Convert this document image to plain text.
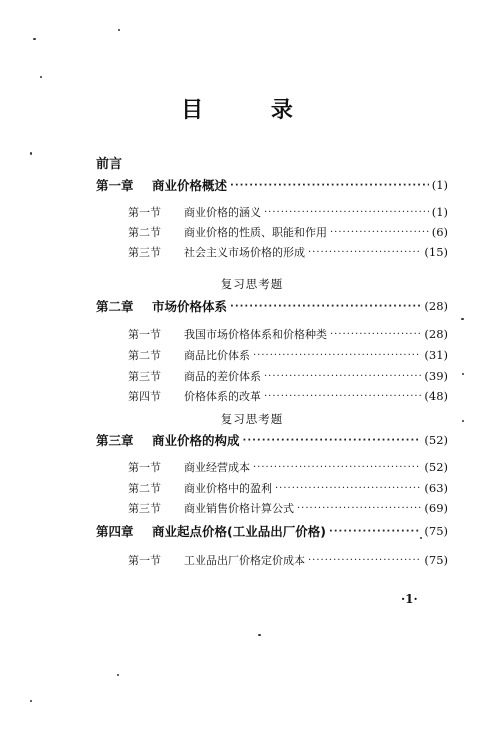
目 录
前言
第一章	商业价格概述 ·····	(1)
第一节	商业价格的涵义 ·····	(1)
第二节	商业价格的性质、职能和作用 ·····	(6)
第三节	社会主义市场价格的形成 ·····	(15)
复习思考题
第二章	市场价格体系 ·····	(28)
第一节	我国市场价格体系和价格种类 ·····	(28)
第二节	商品比价体系 ·····	(31)
第三节	商品的差价体系 ·····	(39)
第四节	价格体系的改革 ·····	(48)
复习思考题
第三章	商业价格的构成 ·····	(52)
第一节	商业经营成本 ·····	(52)
第二节	商业价格中的盈利 ·····	(63)
第三节	商业销售价格计算公式 ·····	(69)
第四章	商业起点价格(工业品出厂价格) ·····	(75)
第一节	工业品出厂价格定价成本 ·····	(75)
·1·
